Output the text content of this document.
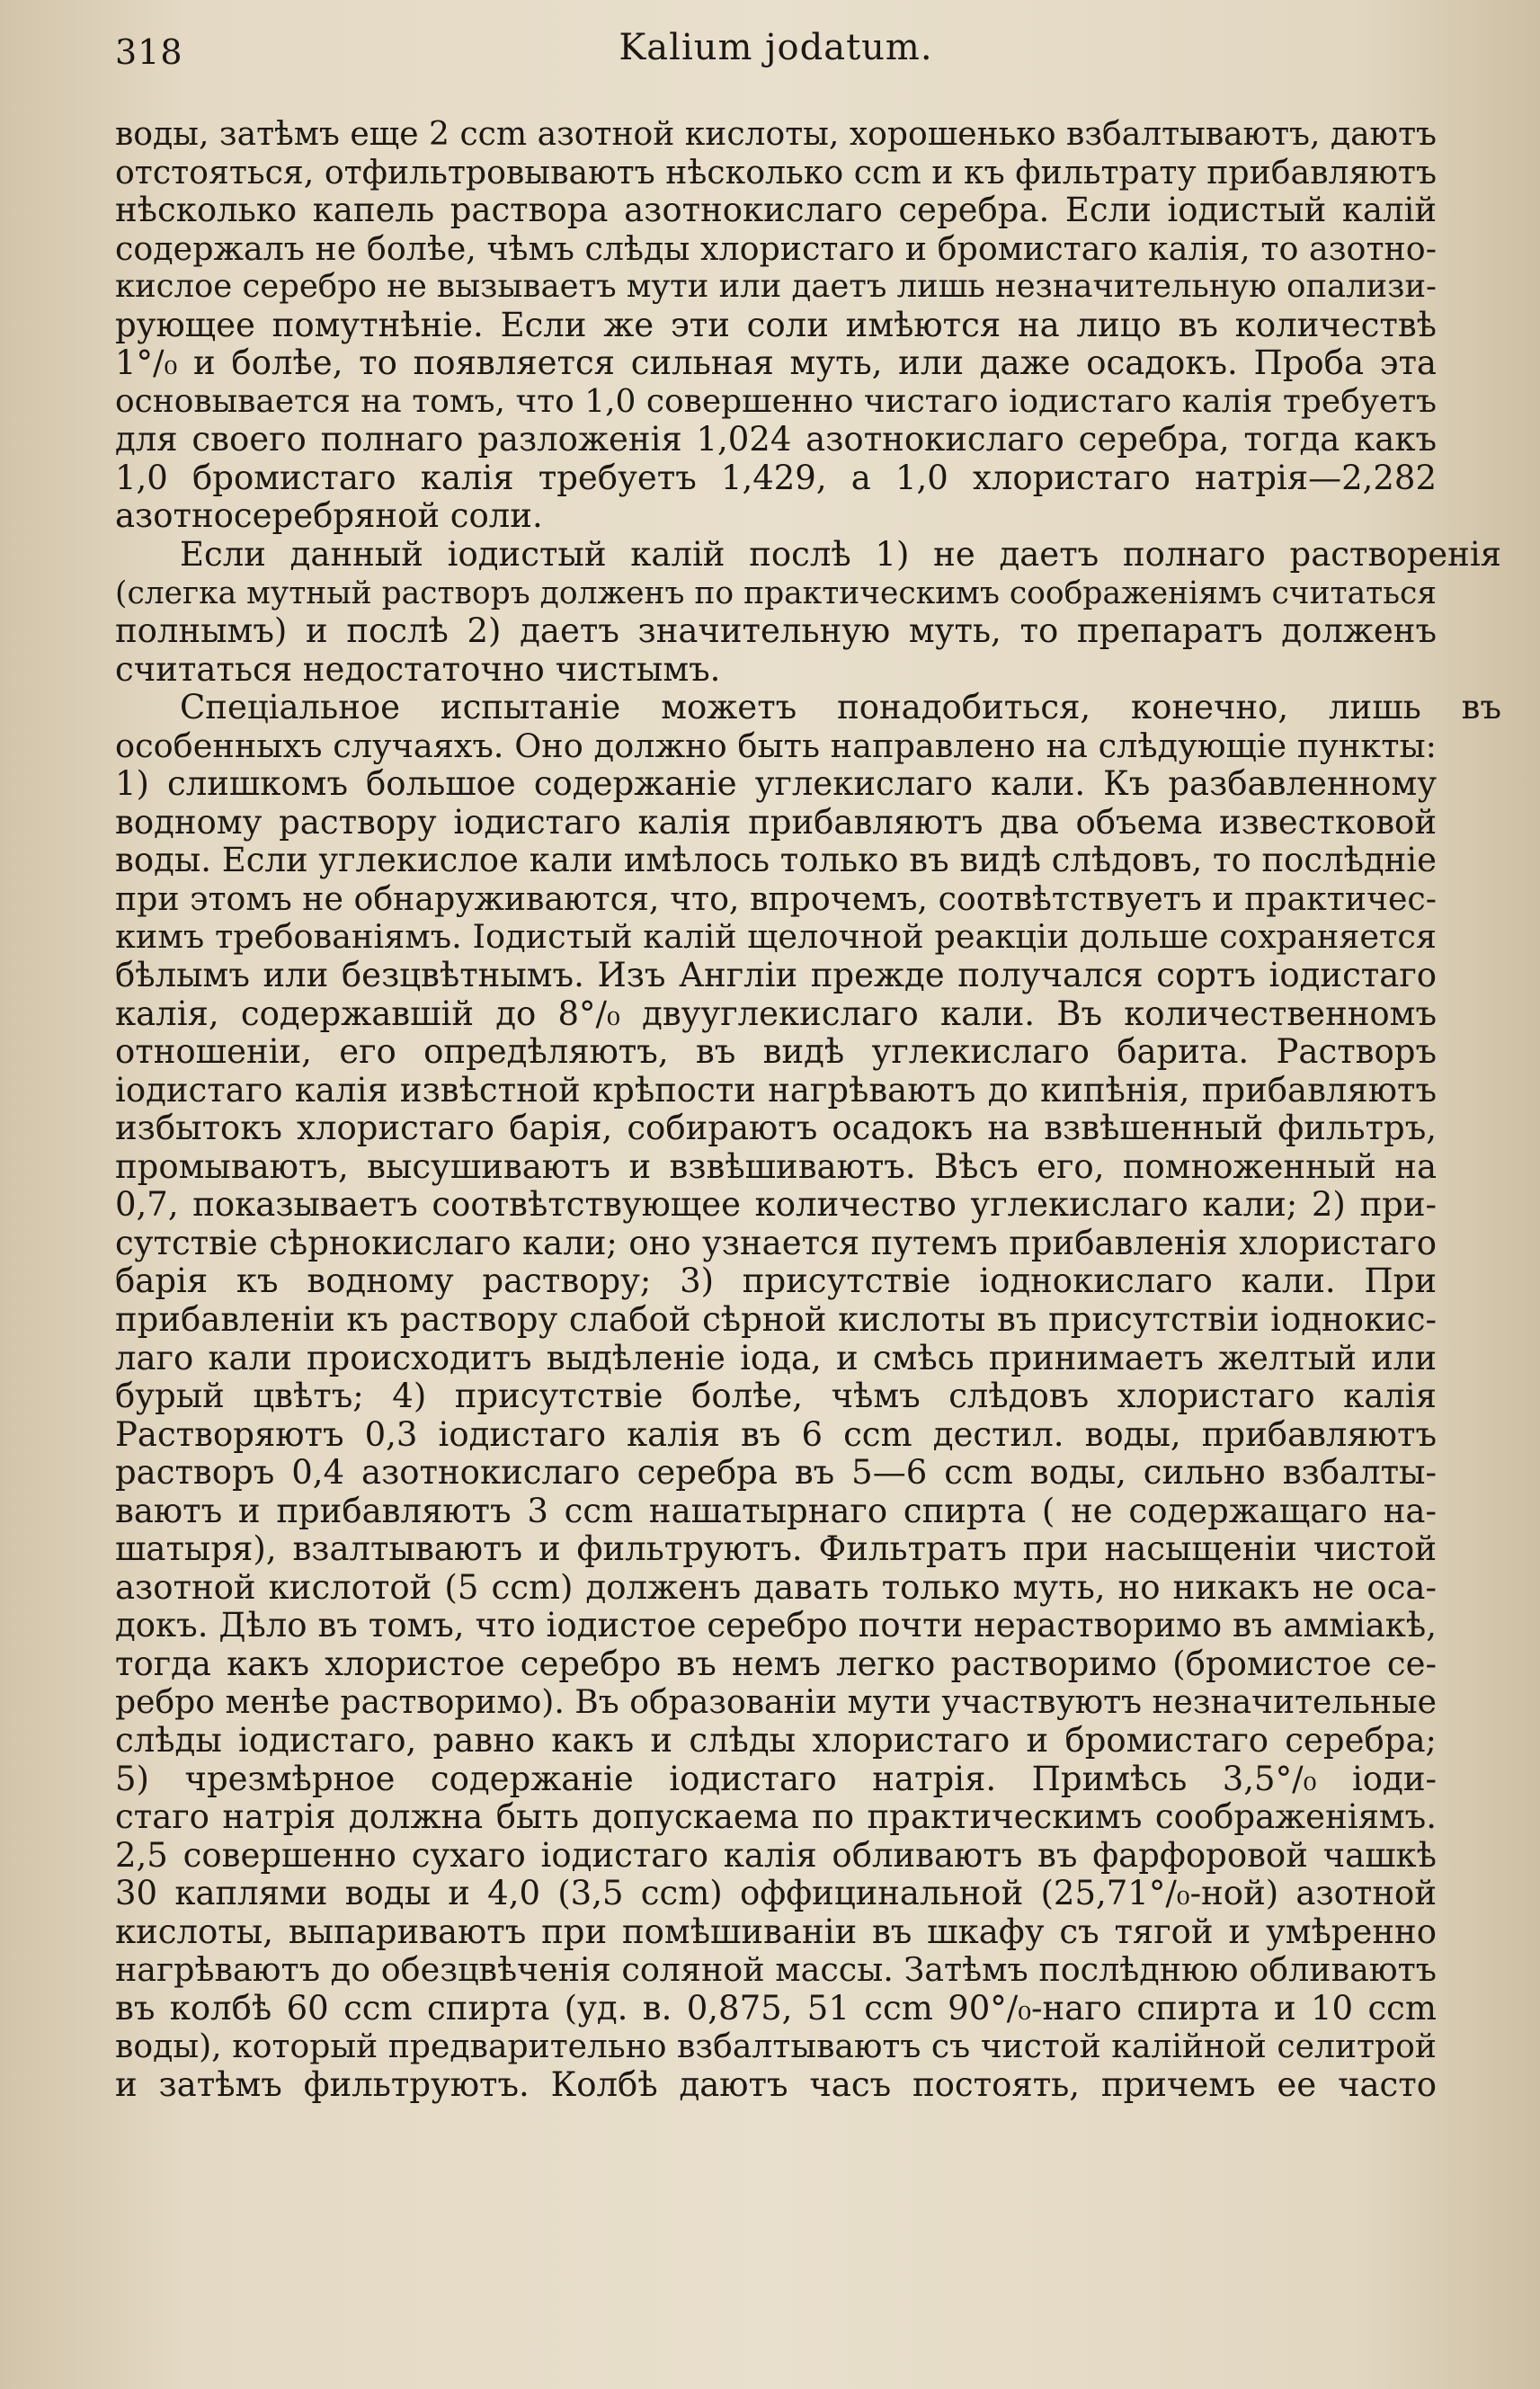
318	Kalium jodatum.
воды, затѣмъ еще 2 ccm азотной кислоты, хорошенько взбалтываютъ, даютъ
отстояться, отфильтровываютъ нѣсколько ccm и къ фильтрату прибавляютъ
нѣсколько капель раствора азотнокислаго серебра. Если іодистый калій
содержалъ не болѣе, чѣмъ слѣды хлористаго и бромистаго калія, то азотно-
кислое серебро не вызываетъ мути или даетъ лишь незначительную опализи-
рующее помутнѣніе. Если же эти соли имѣются на лицо въ количествѣ
1°/₀ и болѣе, то появляется сильная муть, или даже осадокъ. Проба эта
основывается на томъ, что 1,0 совершенно чистаго іодистаго калія требуетъ
для своего полнаго разложенія 1,024 азотнокислаго серебра, тогда какъ
1,0 бромистаго калія требуетъ 1,429, а 1,0 хлористаго натрія—2,282
азотносеребряной соли.
Если данный іодистый калій послѣ 1) не даетъ полнаго растворенія
(слегка мутный растворъ долженъ по практическимъ соображеніямъ считаться
полнымъ) и послѣ 2) даетъ значительную муть, то препаратъ долженъ
считаться недостаточно чистымъ.
Спеціальное испытаніе можетъ понадобиться, конечно, лишь въ
особенныхъ случаяхъ. Оно должно быть направлено на слѣдующіе пункты:
1) слишкомъ большое содержаніе углекислаго кали. Къ разбавленному
водному раствору іодистаго калія прибавляютъ два объема известковой
воды. Если углекислое кали имѣлось только въ видѣ слѣдовъ, то послѣдніе
при этомъ не обнаруживаются, что, впрочемъ, соотвѣтствуетъ и практичес-
кимъ требованіямъ. Іодистый калій щелочной реакціи дольше сохраняется
бѣлымъ или безцвѣтнымъ. Изъ Англіи прежде получался сортъ іодистаго
калія, содержавшій до 8°/₀ двууглекислаго кали. Въ количественномъ
отношеніи, его опредѣляютъ, въ видѣ углекислаго барита. Растворъ
іодистаго калія извѣстной крѣпости нагрѣваютъ до кипѣнія, прибавляютъ
избытокъ хлористаго барія, собираютъ осадокъ на взвѣшенный фильтръ,
промываютъ, высушиваютъ и взвѣшиваютъ. Вѣсъ его, помноженный на
0,7, показываетъ соотвѣтствующее количество углекислаго кали; 2) при-
сутствіе сѣрнокислаго кали; оно узнается путемъ прибавленія хлористаго
барія къ водному раствору; 3) присутствіе іоднокислаго кали. При
прибавленіи къ раствору слабой сѣрной кислоты въ присутствіи іоднокис-
лаго кали происходитъ выдѣленіе іода, и смѣсь принимаетъ желтый или
бурый цвѣтъ; 4) присутствіе болѣе, чѣмъ слѣдовъ хлористаго калія
Растворяютъ 0,3 іодистаго калія въ 6 ccm дестил. воды, прибавляютъ
растворъ 0,4 азотнокислаго серебра въ 5—6 ccm воды, сильно взбалты-
ваютъ и прибавляютъ 3 ccm нашатырнаго спирта ( не содержащаго на-
шатыря), взалтываютъ и фильтруютъ. Фильтратъ при насыщеніи чистой
азотной кислотой (5 ccm) долженъ давать только муть, но никакъ не оса-
докъ. Дѣло въ томъ, что іодистое серебро почти нерастворимо въ амміакѣ,
тогда какъ хлористое серебро въ немъ легко растворимо (бромистое се-
ребро менѣе растворимо). Въ образованіи мути участвуютъ незначительные
слѣды іодистаго, равно какъ и слѣды хлористаго и бромистаго серебра;
5) чрезмѣрное содержаніе іодистаго натрія. Примѣсь 3,5°/₀ іоди-
стаго натрія должна быть допускаема по практическимъ соображеніямъ.
2,5 совершенно сухаго іодистаго калія обливаютъ въ фарфоровой чашкѣ
30 каплями воды и 4,0 (3,5 ccm) оффицинальной (25,71°/₀-ной) азотной
кислоты, выпариваютъ при помѣшиваніи въ шкафу съ тягой и умѣренно
нагрѣваютъ до обезцвѣченія соляной массы. Затѣмъ послѣднюю обливаютъ
въ колбѣ 60 ccm спирта (уд. в. 0,875, 51 ccm 90°/₀-наго спирта и 10 ccm
воды), который предварительно взбалтываютъ съ чистой калійной селитрой
и затѣмъ фильтруютъ. Колбѣ даютъ часъ постоять, причемъ ее часто
